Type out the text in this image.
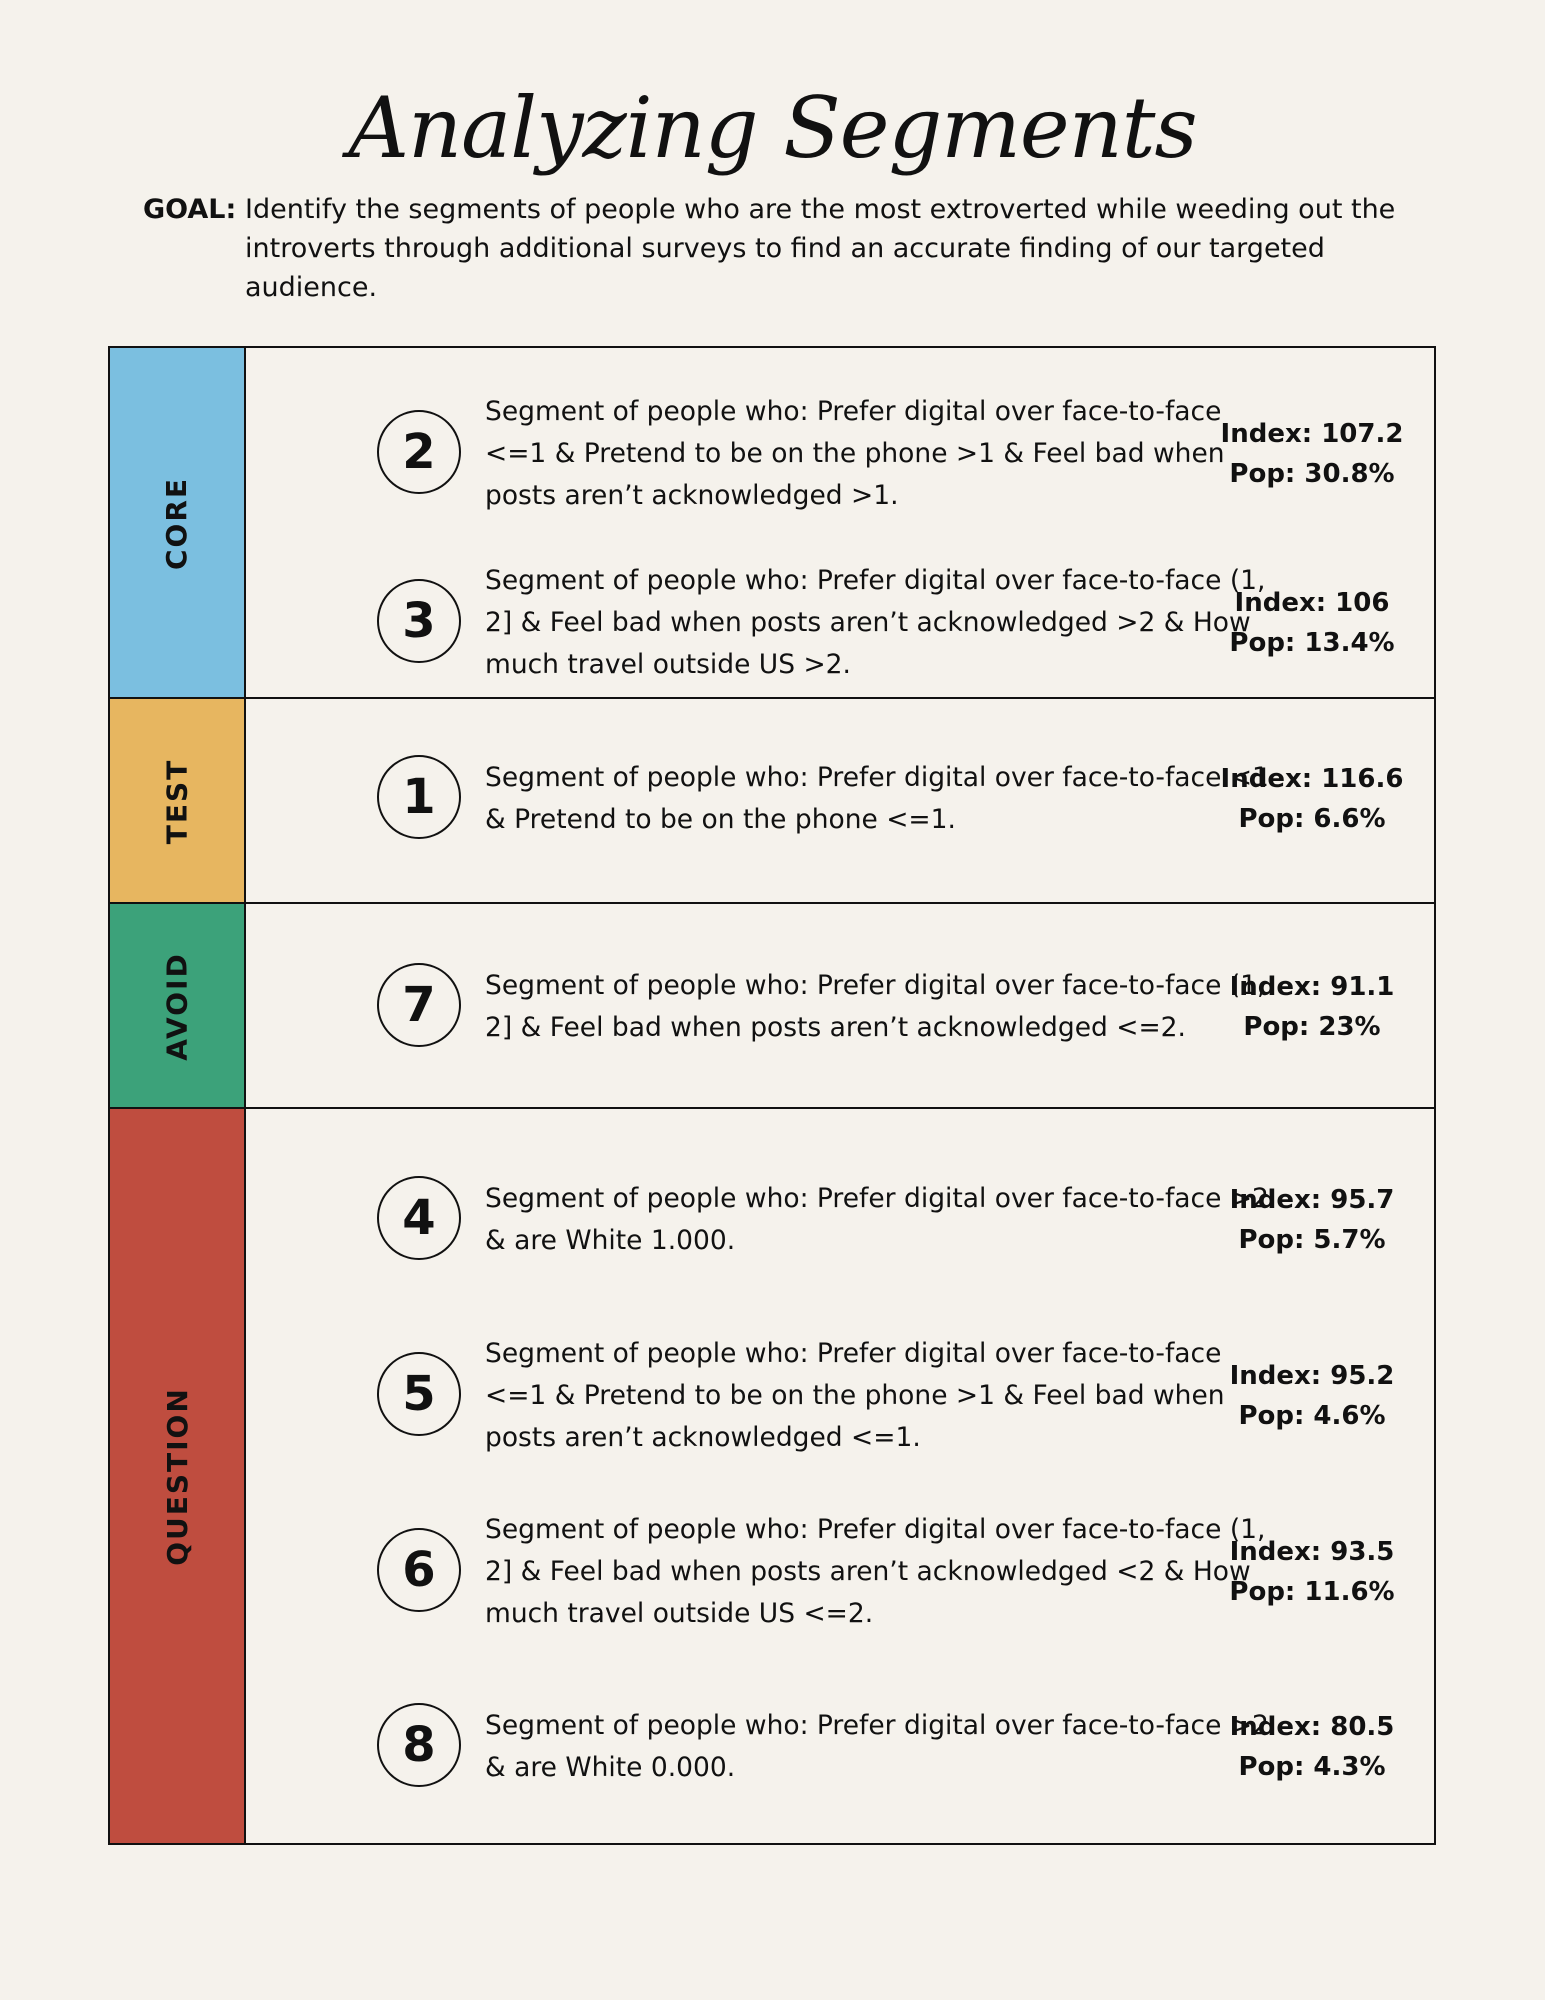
Analyzing Segments
GOAL: Identify the segments of people who are the most extroverted while weeding out the introverts through additional surveys to find an accurate finding of our targeted audience.
CORE
2
Segment of people who: Prefer digital over face-to-face <=1 & Pretend to be on the phone >1 & Feel bad when posts aren’t acknowledged >1.
Index: 107.2
Pop: 30.8%
3
Segment of people who: Prefer digital over face-to-face (1, 2] & Feel bad when posts aren’t acknowledged >2 & How much travel outside US >2.
Index: 106
Pop: 13.4%
TEST	1	Segment of people who: Prefer digital over face-to-face <1 & Pretend to be on the phone <=1.
Index: 116.6
Pop: 6.6%
AVOID	7	Segment of people who: Prefer digital over face-to-face (1, 2] & Feel bad when posts aren’t acknowledged <=2.
Index: 91.1
Pop: 23%
QUESTION
4	Segment of people who: Prefer digital over face-to-face >2 & are White 1.000.
Index: 95.7
Pop: 5.7%
5
Segment of people who: Prefer digital over face-to-face <=1 & Pretend to be on the phone >1 & Feel bad when posts aren’t acknowledged <=1.
Index: 95.2
Pop: 4.6%
6
Segment of people who: Prefer digital over face-to-face (1, 2] & Feel bad when posts aren’t acknowledged <2 & How much travel outside US <=2.
Index: 93.5
Pop: 11.6%
8	Segment of people who: Prefer digital over face-to-face >2 & are White 0.000.
Index: 80.5
Pop: 4.3%
